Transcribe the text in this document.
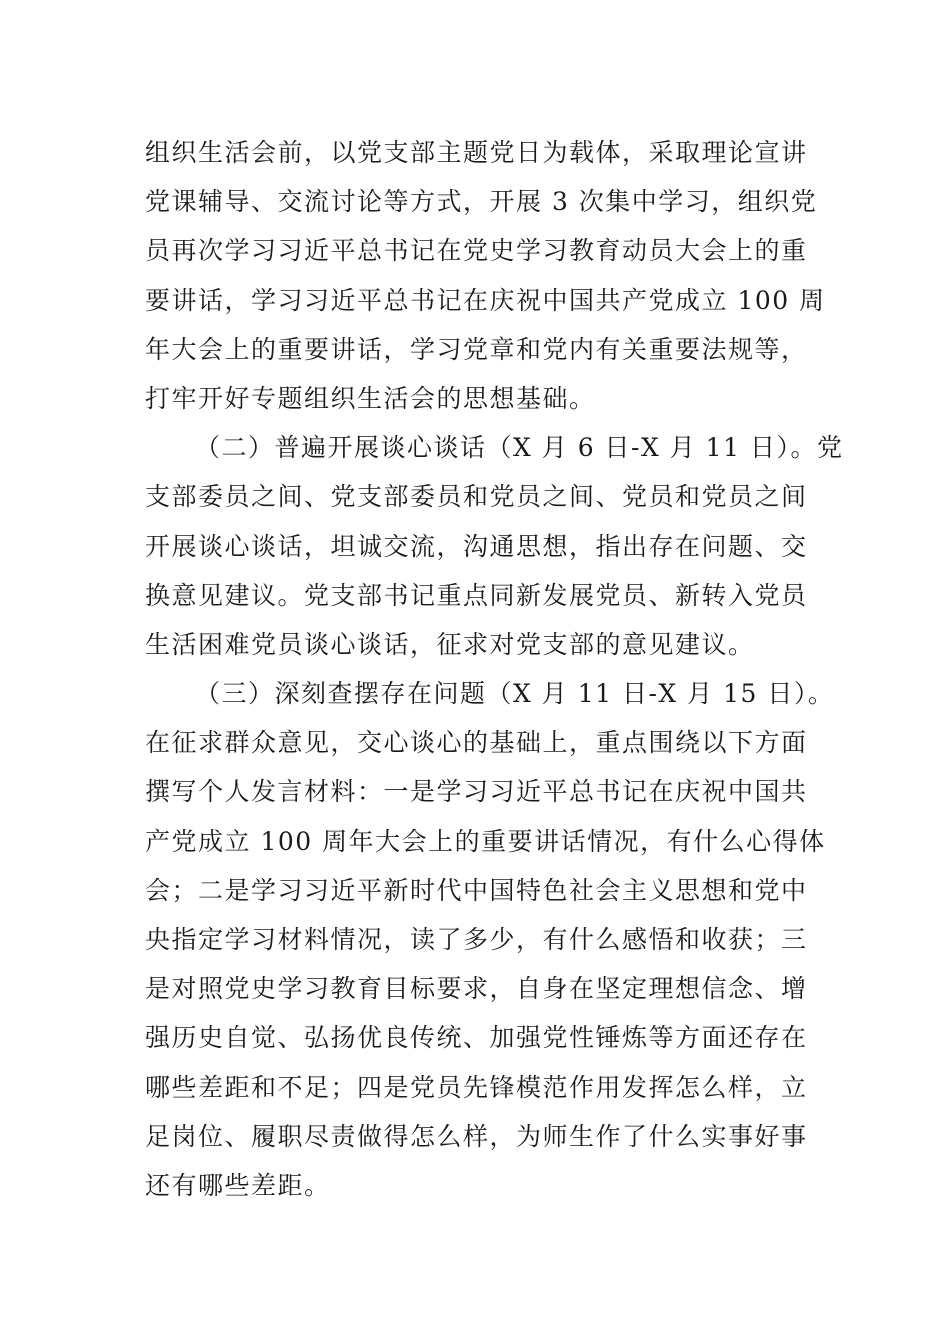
组织生活会前，以党支部主题党日为载体，采取理论宣讲
党课辅导、交流讨论等方式，开展 3 次集中学习，组织党
员再次学习习近平总书记在党史学习教育动员大会上的重
要讲话，学习习近平总书记在庆祝中国共产党成立 100 周
年大会上的重要讲话，学习党章和党内有关重要法规等，
打牢开好专题组织生活会的思想基础。
（二）普遍开展谈心谈话（X 月 6 日-X 月 11 日）。党
支部委员之间、党支部委员和党员之间、党员和党员之间
开展谈心谈话，坦诚交流，沟通思想，指出存在问题、交
换意见建议。党支部书记重点同新发展党员、新转入党员
生活困难党员谈心谈话，征求对党支部的意见建议。
（三）深刻查摆存在问题（X 月 11 日-X 月 15 日）。
在征求群众意见，交心谈心的基础上，重点围绕以下方面
撰写个人发言材料：一是学习习近平总书记在庆祝中国共
产党成立 100 周年大会上的重要讲话情况，有什么心得体
会；二是学习习近平新时代中国特色社会主义思想和党中
央指定学习材料情况，读了多少，有什么感悟和收获；三
是对照党史学习教育目标要求，自身在坚定理想信念、增
强历史自觉、弘扬优良传统、加强党性锤炼等方面还存在
哪些差距和不足；四是党员先锋模范作用发挥怎么样，立
足岗位、履职尽责做得怎么样，为师生作了什么实事好事
还有哪些差距。
